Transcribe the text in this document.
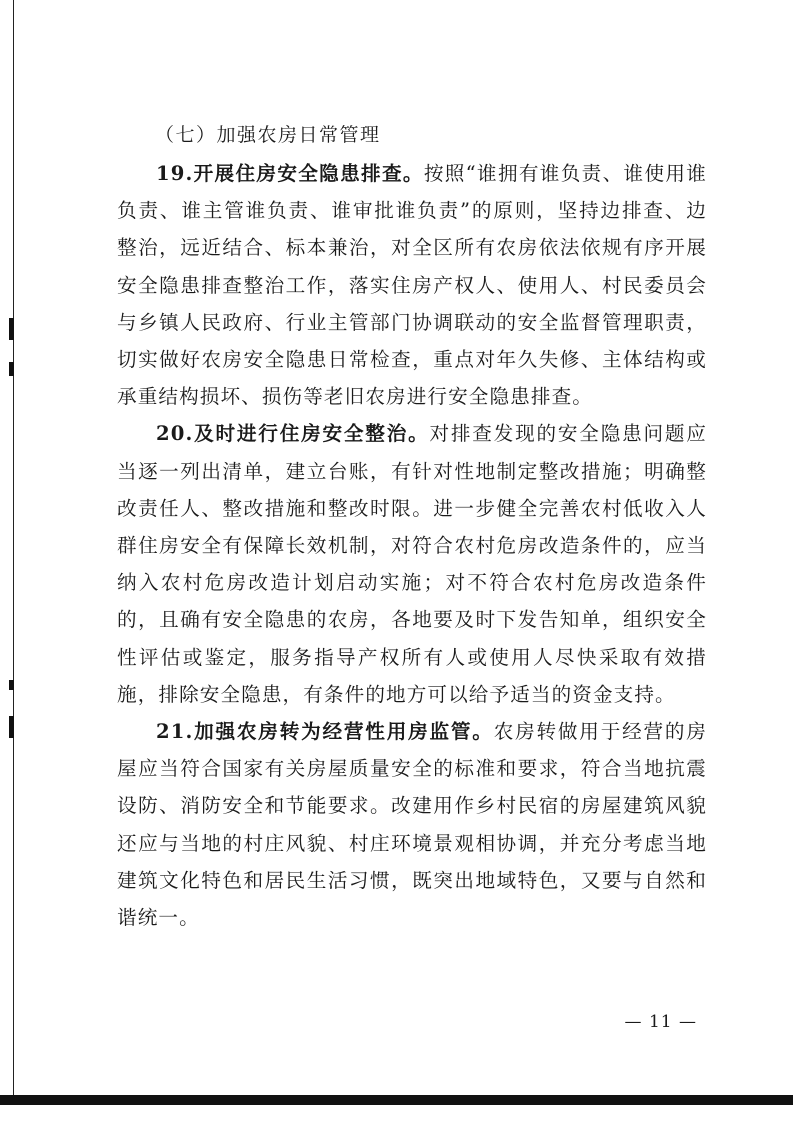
（七）加强农房日常管理

19.开展住房安全隐患排查。按照“谁拥有谁负责、谁使用谁负责、谁主管谁负责、谁审批谁负责”的原则，坚持边排查、边整治，远近结合、标本兼治，对全区所有农房依法依规有序开展安全隐患排查整治工作，落实住房产权人、使用人、村民委员会与乡镇人民政府、行业主管部门协调联动的安全监督管理职责，切实做好农房安全隐患日常检查，重点对年久失修、主体结构或承重结构损坏、损伤等老旧农房进行安全隐患排查。

20.及时进行住房安全整治。对排查发现的安全隐患问题应当逐一列出清单，建立台账，有针对性地制定整改措施；明确整改责任人、整改措施和整改时限。进一步健全完善农村低收入人群住房安全有保障长效机制，对符合农村危房改造条件的，应当纳入农村危房改造计划启动实施；对不符合农村危房改造条件的，且确有安全隐患的农房，各地要及时下发告知单，组织安全性评估或鉴定，服务指导产权所有人或使用人尽快采取有效措施，排除安全隐患，有条件的地方可以给予适当的资金支持。

21.加强农房转为经营性用房监管。农房转做用于经营的房屋应当符合国家有关房屋质量安全的标准和要求，符合当地抗震设防、消防安全和节能要求。改建用作乡村民宿的房屋建筑风貌还应与当地的村庄风貌、村庄环境景观相协调，并充分考虑当地建筑文化特色和居民生活习惯，既突出地域特色，又要与自然和谐统一。

— 11 —
